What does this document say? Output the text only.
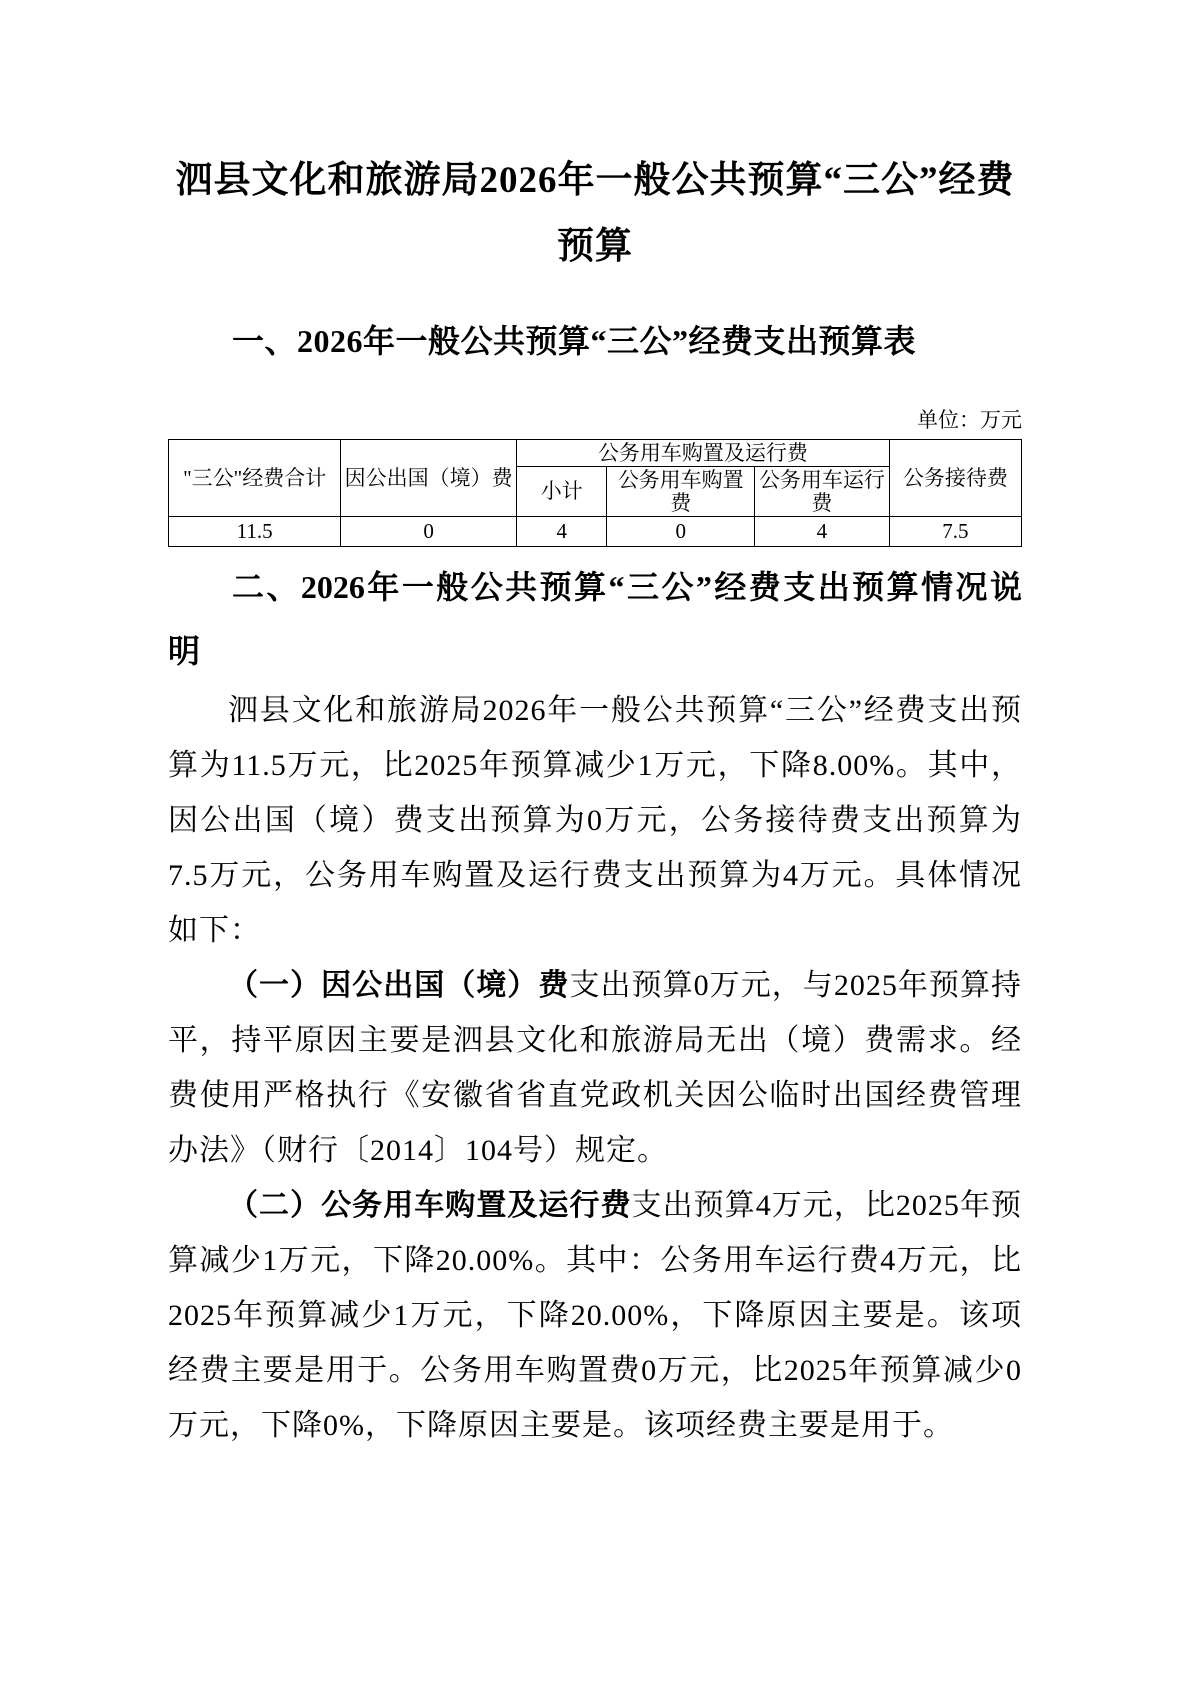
泗县文化和旅游局2026年一般公共预算“三公”经费
预算
一、2026年一般公共预算“三公”经费支出预算表
单位：万元
"三公"经费合计	因公出国（境）费	公务用车购置及运行费			公务接待费
		小计	公务用车购置费	公务用车运行费	
11.5	0	4	0	4	7.5
二、2026年一般公共预算“三公”经费支出预算情况说
明

泗县文化和旅游局2026年一般公共预算“三公”经费支出预算为11.5万元，比2025年预算减少1万元，下降8.00%。其中，因公出国（境）费支出预算为0万元，公务接待费支出预算为7.5万元，公务用车购置及运行费支出预算为4万元。具体情况如下：

（一）因公出国（境）费支出预算0万元，与2025年预算持平，持平原因主要是泗县文化和旅游局无出（境）费需求。经费使用严格执行《安徽省省直党政机关因公临时出国经费管理办法》（财行〔2014〕104号）规定。

（二）公务用车购置及运行费支出预算4万元，比2025年预算减少1万元，下降20.00%。其中：公务用车运行费4万元，比2025年预算减少1万元，下降20.00%，下降原因主要是。该项经费主要是用于。公务用车购置费0万元，比2025年预算减少0万元，下降0%，下降原因主要是。该项经费主要是用于。
